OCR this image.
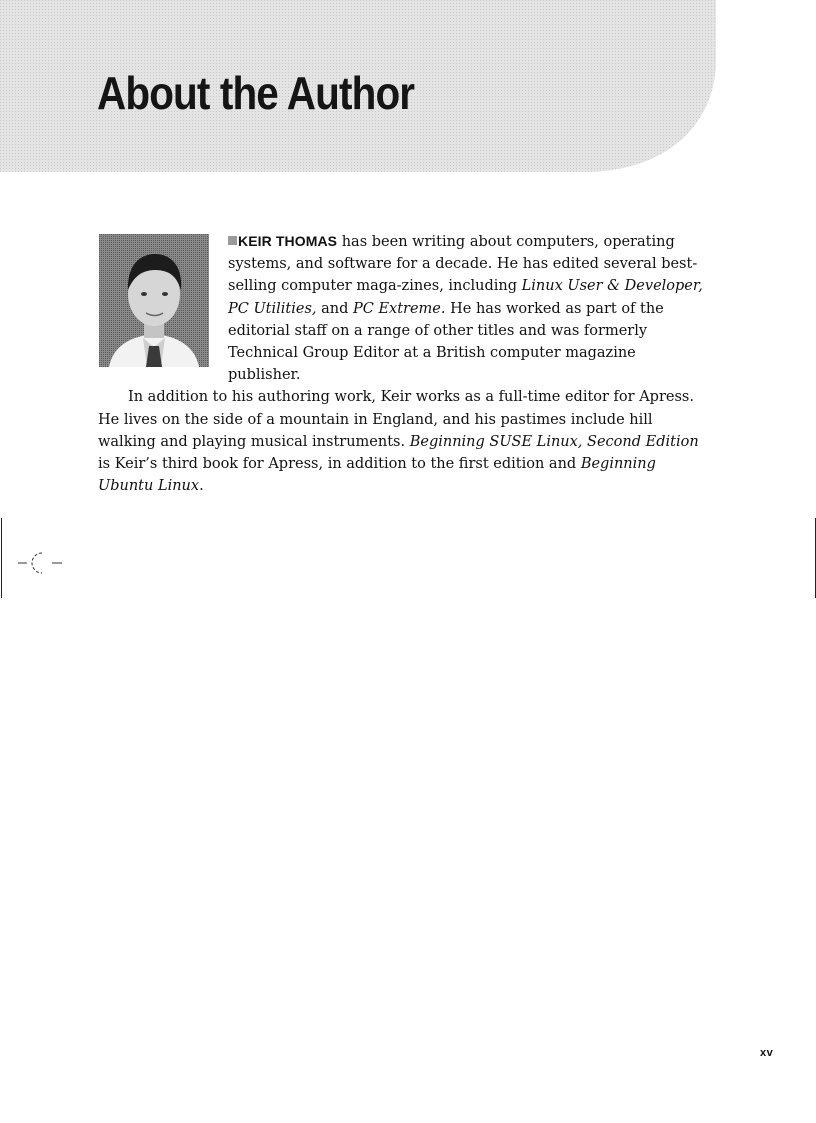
About the Author

KEIR THOMAS has been writing about computers, operating systems, and software for a decade. He has edited several best-selling computer maga-zines, including Linux User & Developer, PC Utilities, and PC Extreme. He has worked as part of the editorial staff on a range of other titles and was formerly Technical Group Editor at a British computer magazine publisher.

In addition to his authoring work, Keir works as a full-time editor for Apress. He lives on the side of a mountain in England, and his pastimes include hill walking and playing musical instruments. Beginning SUSE Linux, Second Edition is Keir’s third book for Apress, in addition to the first edition and Beginning Ubuntu Linux.

xv
